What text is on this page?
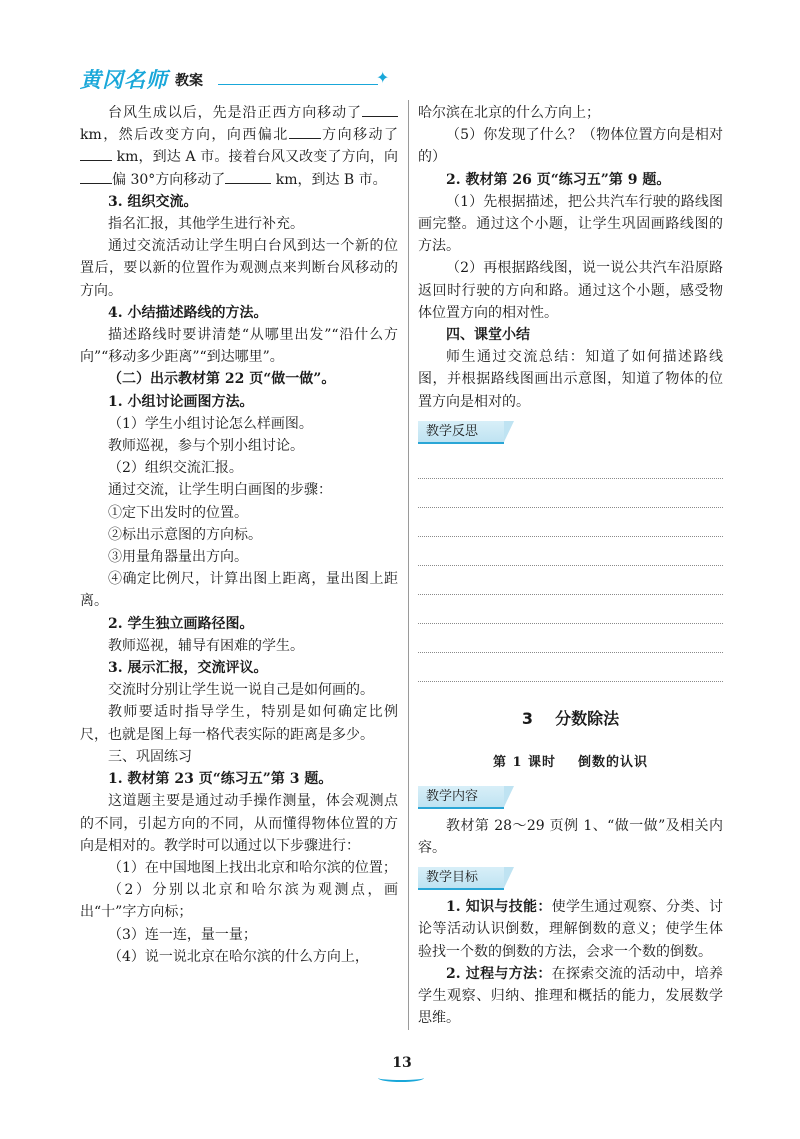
黄冈名师 教案	✦

台风生成以后，先是沿正西方向移动了 km，然后改变方向，向西偏北 方向移动了 km，到达 A 市。接着台风又改变了方向，向偏 30°方向移动了	km，到达 B 市。

3. 组织交流。

指名汇报，其他学生进行补充。

通过交流活动让学生明白台风到达一个新的位置后，要以新的位置作为观测点来判断台风移动的方向。

4. 小结描述路线的方法。

描述路线时要讲清楚“从哪里出发”“沿什么方向”“移动多少距离”“到达哪里”。

（二）出示教材第 22 页“做一做”。

1. 小组讨论画图方法。

（1）学生小组讨论怎么样画图。

教师巡视，参与个别小组讨论。

（2）组织交流汇报。

通过交流，让学生明白画图的步骤：

①定下出发时的位置。

②标出示意图的方向标。

③用量角器量出方向。

④确定比例尺，计算出图上距离，量出图上距离。

2. 学生独立画路径图。

教师巡视，辅导有困难的学生。

3. 展示汇报，交流评议。

交流时分别让学生说一说自己是如何画的。

教师要适时指导学生，特别是如何确定比例尺，也就是图上每一格代表实际的距离是多少。

三、巩固练习

1. 教材第 23 页“练习五”第 3 题。

这道题主要是通过动手操作测量，体会观测点的不同，引起方向的不同，从而懂得物体位置的方向是相对的。教学时可以通过以下步骤进行：

（1）在中国地图上找出北京和哈尔滨的位置；

（2）分别以北京和哈尔滨为观测点，画出“十”字方向标；

（3）连一连，量一量；

（4）说一说北京在哈尔滨的什么方向上，

哈尔滨在北京的什么方向上；

（5）你发现了什么？（物体位置方向是相对的）

2. 教材第 26 页“练习五”第 9 题。

（1）先根据描述，把公共汽车行驶的路线图画完整。通过这个小题，让学生巩固画路线图的方法。

（2）再根据路线图，说一说公共汽车沿原路返回时行驶的方向和路。通过这个小题，感受物体位置方向的相对性。

四、课堂小结

师生通过交流总结：知道了如何描述路线图，并根据路线图画出示意图，知道了物体的位置方向是相对的。

教学反思
3 分数除法
第 1 课时 倒数的认识
教学内容

教材第 28～29 页例 1、“做一做”及相关内容。

教学目标

1. 知识与技能：使学生通过观察、分类、讨论等活动认识倒数，理解倒数的意义；使学生体验找一个数的倒数的方法，会求一个数的倒数。

2. 过程与方法：在探索交流的活动中，培养学生观察、归纳、推理和概括的能力，发展数学思维。

13
